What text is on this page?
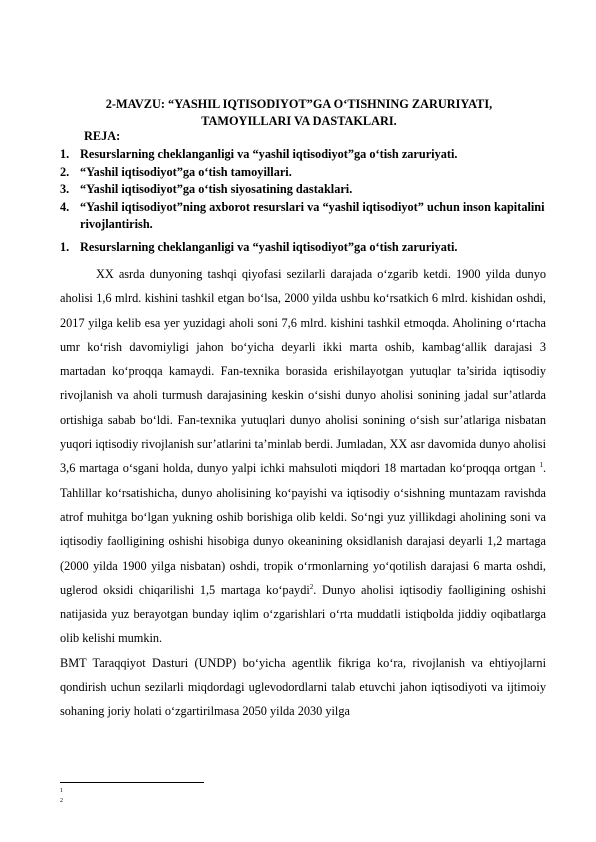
2-MAVZU: “YASHIL IQTISODIYOT”GA O‘TISHNING ZARURIYATI,
TAMOYILLARI VA DASTAKLARI.
REJA:
1. Resurslarning cheklanganligi va “yashil iqtisodiyot”ga o‘tish zaruriyati.
2. “Yashil iqtisodiyot”ga o‘tish tamoyillari.
3. “Yashil iqtisodiyot”ga o‘tish siyosatining dastaklari.
4. “Yashil iqtisodiyot”ning axborot resurslari va “yashil iqtisodiyot” uchun inson kapitalini rivojlantirish.
1. Resurslarning cheklanganligi va “yashil iqtisodiyot”ga o‘tish zaruriyati.

XX asrda dunyoning tashqi qiyofasi sezilarli darajada o‘zgarib ketdi. 1900 yilda dunyo aholisi 1,6 mlrd. kishini tashkil etgan bo‘lsa, 2000 yilda ushbu ko‘rsatkich 6 mlrd. kishidan oshdi, 2017 yilga kelib esa yer yuzidagi aholi soni 7,6 mlrd. kishini tashkil etmoqda. Aholining o‘rtacha umr ko‘rish davomiyligi jahon bo‘yicha deyarli ikki marta oshib, kambag‘allik darajasi 3 martadan ko‘proqqa kamaydi. Fan-texnika borasida erishilayotgan yutuqlar ta’sirida iqtisodiy rivojlanish va aholi turmush darajasining keskin o‘sishi dunyo aholisi sonining jadal sur’atlarda ortishiga sabab bo‘ldi. Fan-texnika yutuqlari dunyo aholisi sonining o‘sish sur’atlariga nisbatan yuqori iqtisodiy rivojlanish sur’atlarini ta’minlab berdi. Jumladan, XX asr davomida dunyo aholisi 3,6 martaga o‘sgani holda, dunyo yalpi ichki mahsuloti miqdori 18 martadan ko‘proqqa ortgan $^1$. Tahlillar ko‘rsatishicha, dunyo aholisining ko‘payishi va iqtisodiy o‘sishning muntazam ravishda atrof muhitga bo‘lgan yukning oshib borishiga olib keldi. So‘ngi yuz yillikdagi aholining soni va iqtisodiy faolligining oshishi hisobiga dunyo okeanining oksidlanish darajasi deyarli 1,2 martaga (2000 yilda 1900 yilga nisbatan) oshdi, tropik o‘rmonlarning yo‘qotilish darajasi 6 marta oshdi, uglerod oksidi chiqarilishi 1,5 martaga ko‘paydi$^2$. Dunyo aholisi iqtisodiy faolligining oshishi natijasida yuz berayotgan bunday iqlim o‘zgarishlari o‘rta muddatli istiqbolda jiddiy oqibatlarga olib kelishi mumkin.

BMT Taraqqiyot Dasturi (UNDP) bo‘yicha agentlik fikriga ko‘ra, rivojlanish va ehtiyojlarni qondirish uchun sezilarli miqdordagi uglevodordlarni talab etuvchi jahon iqtisodiyoti va ijtimoiy sohaning joriy holati o‘zgartirilmasa 2050 yilda 2030 yilga

1
2
